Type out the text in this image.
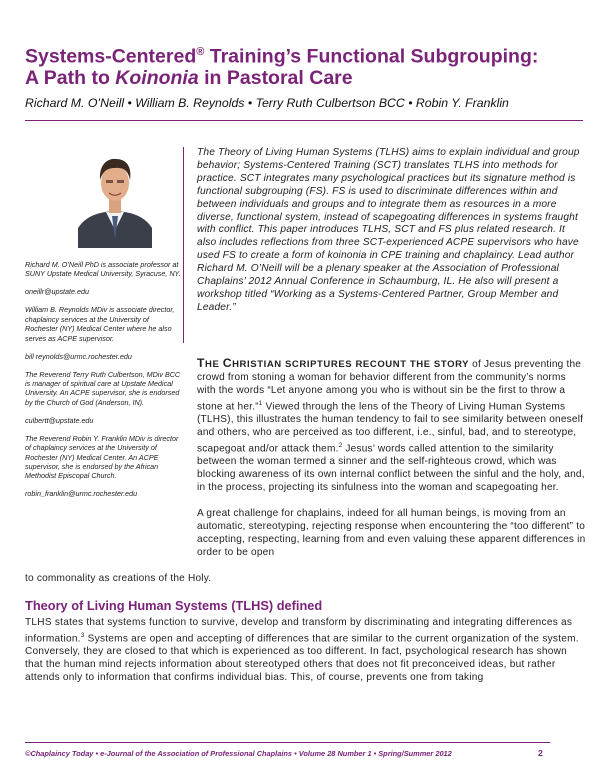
Systems-Centered® Training’s Functional Subgrouping:
A Path to Koinonia in Pastoral Care
Richard M. O’Neill • William B. Reynolds • Terry Ruth Culbertson BCC • Robin Y. Franklin

Richard M. O’Neill PhD is associate professor at SUNY Upstate Medical University, Syracuse, NY.

oneillr@upstate.edu

William B. Reynolds MDiv is associate director, chaplaincy services at the University of Rochester (NY) Medical Center where he also serves as ACPE supervisor.

bill reynolds@urmc.rochester.edu

The Reverend Terry Ruth Culbertson, MDiv BCC is manager of spiritual care at Upstate Medical University. An ACPE supervisor, she is endorsed by the Church of God (Anderson, IN).

culbertt@upstate.edu

The Reverend Robin Y. Franklin MDiv is director of chaplaincy services at the University of Rochester (NY) Medical Center. An ACPE supervisor, she is endorsed by the African Methodist Episcopal Church.

robin_franklin@urmc.rochester.edu

The Theory of Living Human Systems (TLHS) aims to explain individual and group behavior; Systems-Centered Training (SCT) translates TLHS into methods for practice. SCT integrates many psychological practices but its signature method is functional subgrouping (FS). FS is used to discriminate differences within and between individuals and groups and to integrate them as resources in a more diverse, functional system, instead of scapegoating differences in systems fraught with conflict. This paper introduces TLHS, SCT and FS plus related research. It also includes reflections from three SCT-experienced ACPE supervisors who have used FS to create a form of koinonia in CPE training and chaplaincy. Lead author Richard M. O’Neill will be a plenary speaker at the Association of Professional Chaplains’ 2012 Annual Conference in Schaumburg, IL. He also will present a workshop titled “Working as a Systems-Centered Partner, Group Member and Leader.”

THE CHRISTIAN SCRIPTURES RECOUNT THE STORY of Jesus preventing the crowd from stoning a woman for behavior different from the community’s norms with the words “Let anyone among you who is without sin be the first to throw a stone at her.”$^1$ Viewed through the lens of the Theory of Living Human Systems (TLHS), this illustrates the human tendency to fail to see similarity between oneself and others, who are perceived as too different, i.e., sinful, bad, and to stereotype, scapegoat and/or attack them.$^2$ Jesus’ words called attention to the similarity between the woman termed a sinner and the self-righteous crowd, which was blocking awareness of its own internal conflict between the sinful and the holy, and, in the process, projecting its sinfulness into the woman and scapegoating her.

A great challenge for chaplains, indeed for all human beings, is moving from an automatic, stereotyping, rejecting response when encountering the “too different” to accepting, respecting, learning from and even valuing these apparent differences in order to be open

to commonality as creations of the Holy.
Theory of Living Human Systems (TLHS) defined

TLHS states that systems function to survive, develop and transform by discriminating and integrating differences as information.$^3$ Systems are open and accepting of differences that are similar to the current organization of the system. Conversely, they are closed to that which is experienced as too different. In fact, psychological research has shown that the human mind rejects information about stereotyped others that does not fit preconceived ideas, but rather attends only to information that confirms individual bias. This, of course, prevents one from taking

©Chaplaincy Today • e-Journal of the Association of Professional Chaplains • Volume 28 Number 1 • Spring/Summer 2012	2
